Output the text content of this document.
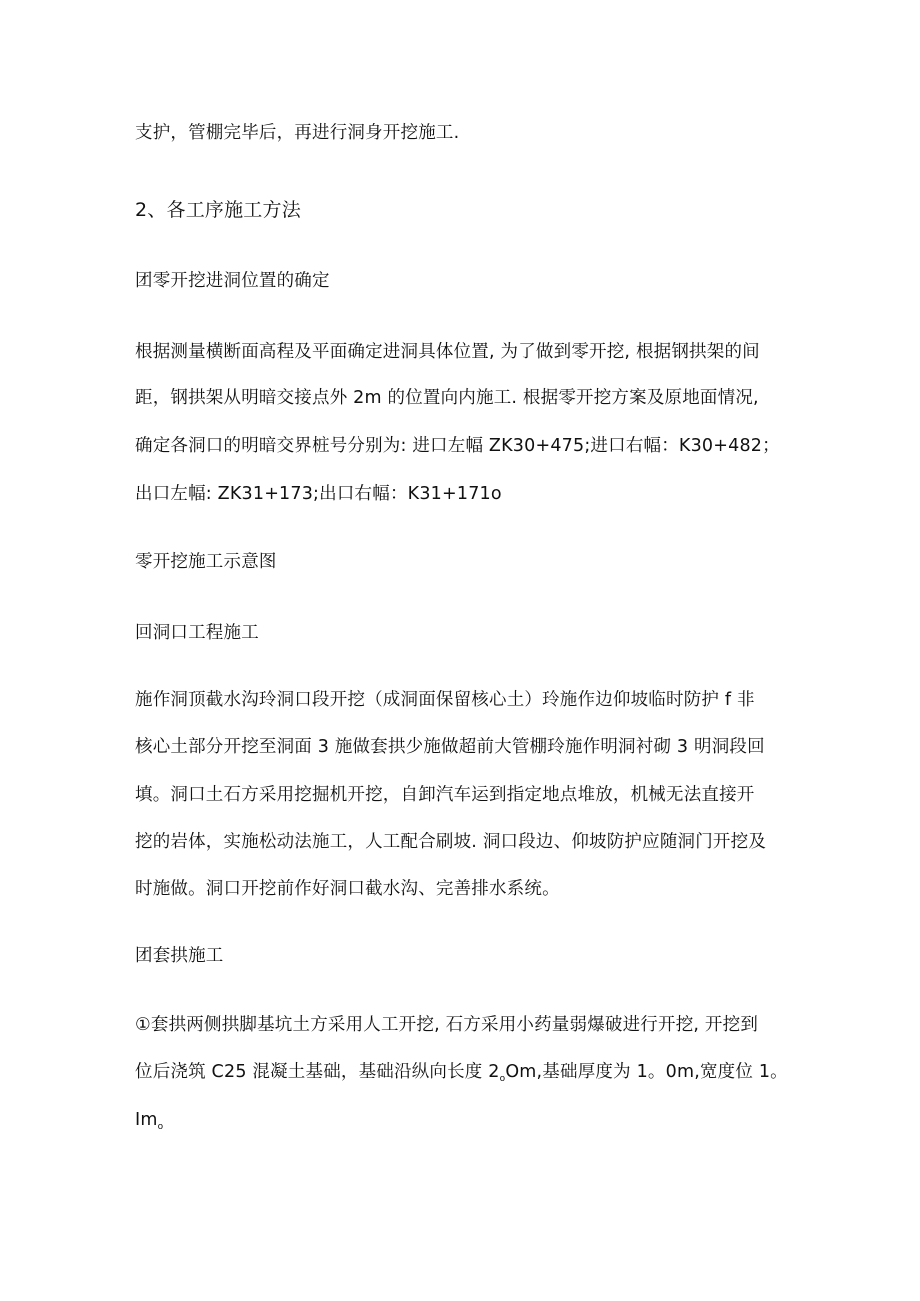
支护，管棚完毕后，再进行洞身开挖施工.
2、各工序施工方法
团零开挖进洞位置的确定
根据测量横断面高程及平面确定进洞具体位置, 为了做到零开挖, 根据钢拱架的间
距，钢拱架从明暗交接点外 2m 的位置向内施工. 根据零开挖方案及原地面情况,
确定各洞口的明暗交界桩号分别为: 进口左幅 ZK30+475;进口右幅：K30+482；
出口左幅: ZK31+173;出口右幅：K31+171o
零开挖施工示意图
回洞口工程施工
施作洞顶截水沟玲洞口段开挖（成洞面保留核心土）玲施作边仰坡临时防护 f 非
核心土部分开挖至洞面 3 施做套拱少施做超前大管棚玲施作明洞衬砌 3 明洞段回
填。洞口土石方采用挖掘机开挖，自卸汽车运到指定地点堆放，机械无法直接开
挖的岩体，实施松动法施工，人工配合刷坡. 洞口段边、仰坡防护应随洞门开挖及
时施做。洞口开挖前作好洞口截水沟、完善排水系统。
团套拱施工
①套拱两侧拱脚基坑土方采用人工开挖, 石方采用小药量弱爆破进行开挖, 开挖到
位后浇筑 C25 混凝土基础，基础沿纵向长度 $2_oOm$,基础厚度为 1。0m,宽度位 1。
$Im_o$
